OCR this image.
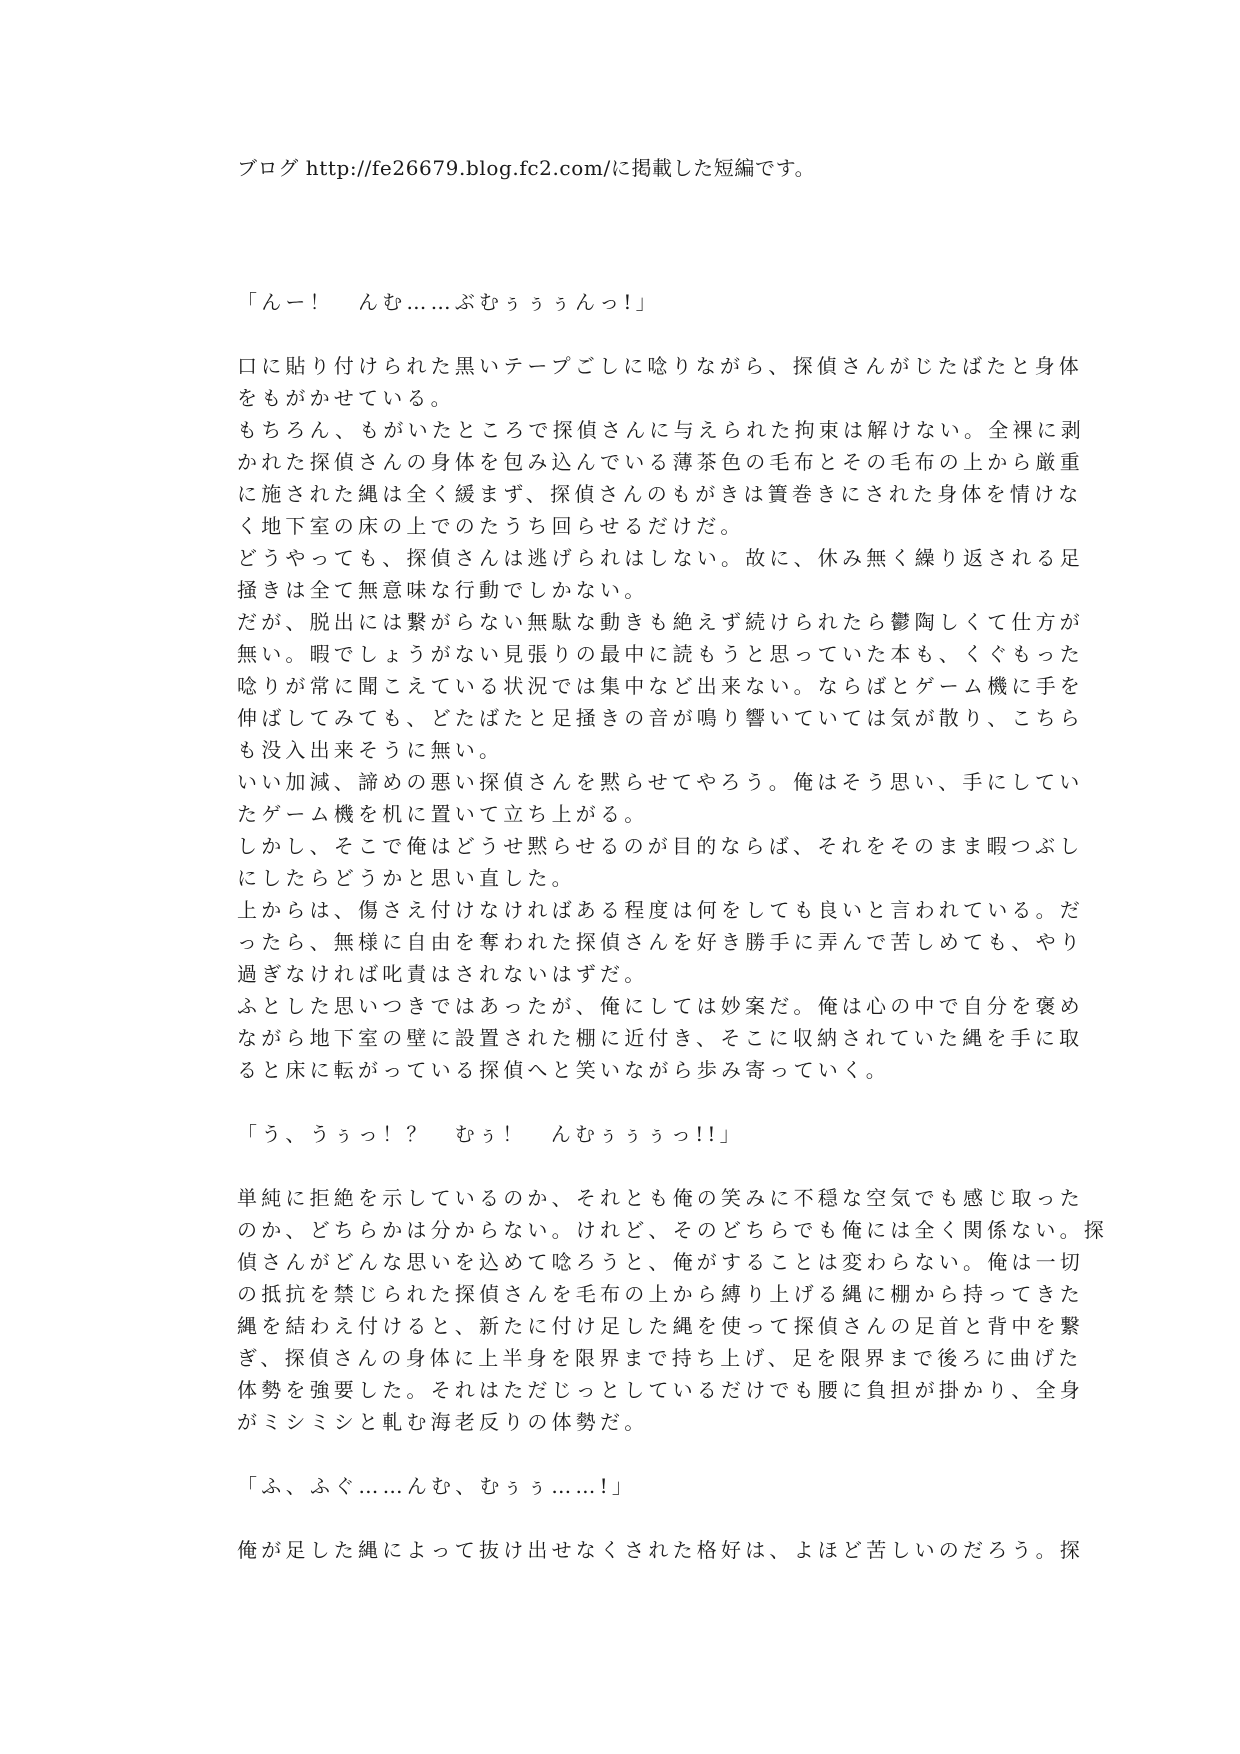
ブログ http://fe26679.blog.fc2.com/に掲載した短編です。
「んー！　んむ……ぶむぅぅぅんっ!」

口に貼り付けられた黒いテープごしに唸りながら、探偵さんがじたばたと身体
をもがかせている。
もちろん、もがいたところで探偵さんに与えられた拘束は解けない。全裸に剥
かれた探偵さんの身体を包み込んでいる薄茶色の毛布とその毛布の上から厳重
に施された縄は全く緩まず、探偵さんのもがきは簀巻きにされた身体を情けな
く地下室の床の上でのたうち回らせるだけだ。
どうやっても、探偵さんは逃げられはしない。故に、休み無く繰り返される足
掻きは全て無意味な行動でしかない。
だが、脱出には繋がらない無駄な動きも絶えず続けられたら鬱陶しくて仕方が
無い。暇でしょうがない見張りの最中に読もうと思っていた本も、くぐもった
唸りが常に聞こえている状況では集中など出来ない。ならばとゲーム機に手を
伸ばしてみても、どたばたと足掻きの音が鳴り響いていては気が散り、こちら
も没入出来そうに無い。
いい加減、諦めの悪い探偵さんを黙らせてやろう。俺はそう思い、手にしてい
たゲーム機を机に置いて立ち上がる。
しかし、そこで俺はどうせ黙らせるのが目的ならば、それをそのまま暇つぶし
にしたらどうかと思い直した。
上からは、傷さえ付けなければある程度は何をしても良いと言われている。だ
ったら、無様に自由を奪われた探偵さんを好き勝手に弄んで苦しめても、やり
過ぎなければ叱責はされないはずだ。
ふとした思いつきではあったが、俺にしては妙案だ。俺は心の中で自分を褒め
ながら地下室の壁に設置された棚に近付き、そこに収納されていた縄を手に取
ると床に転がっている探偵へと笑いながら歩み寄っていく。

「う、うぅっ！？　むぅ！　んむぅぅぅっ!!」

単純に拒絶を示しているのか、それとも俺の笑みに不穏な空気でも感じ取った
のか、どちらかは分からない。けれど、そのどちらでも俺には全く関係ない。探
偵さんがどんな思いを込めて唸ろうと、俺がすることは変わらない。俺は一切
の抵抗を禁じられた探偵さんを毛布の上から縛り上げる縄に棚から持ってきた
縄を結わえ付けると、新たに付け足した縄を使って探偵さんの足首と背中を繋
ぎ、探偵さんの身体に上半身を限界まで持ち上げ、足を限界まで後ろに曲げた
体勢を強要した。それはただじっとしているだけでも腰に負担が掛かり、全身
がミシミシと軋む海老反りの体勢だ。

「ふ、ふぐ……んむ、むぅぅ……!」

俺が足した縄によって抜け出せなくされた格好は、よほど苦しいのだろう。探
